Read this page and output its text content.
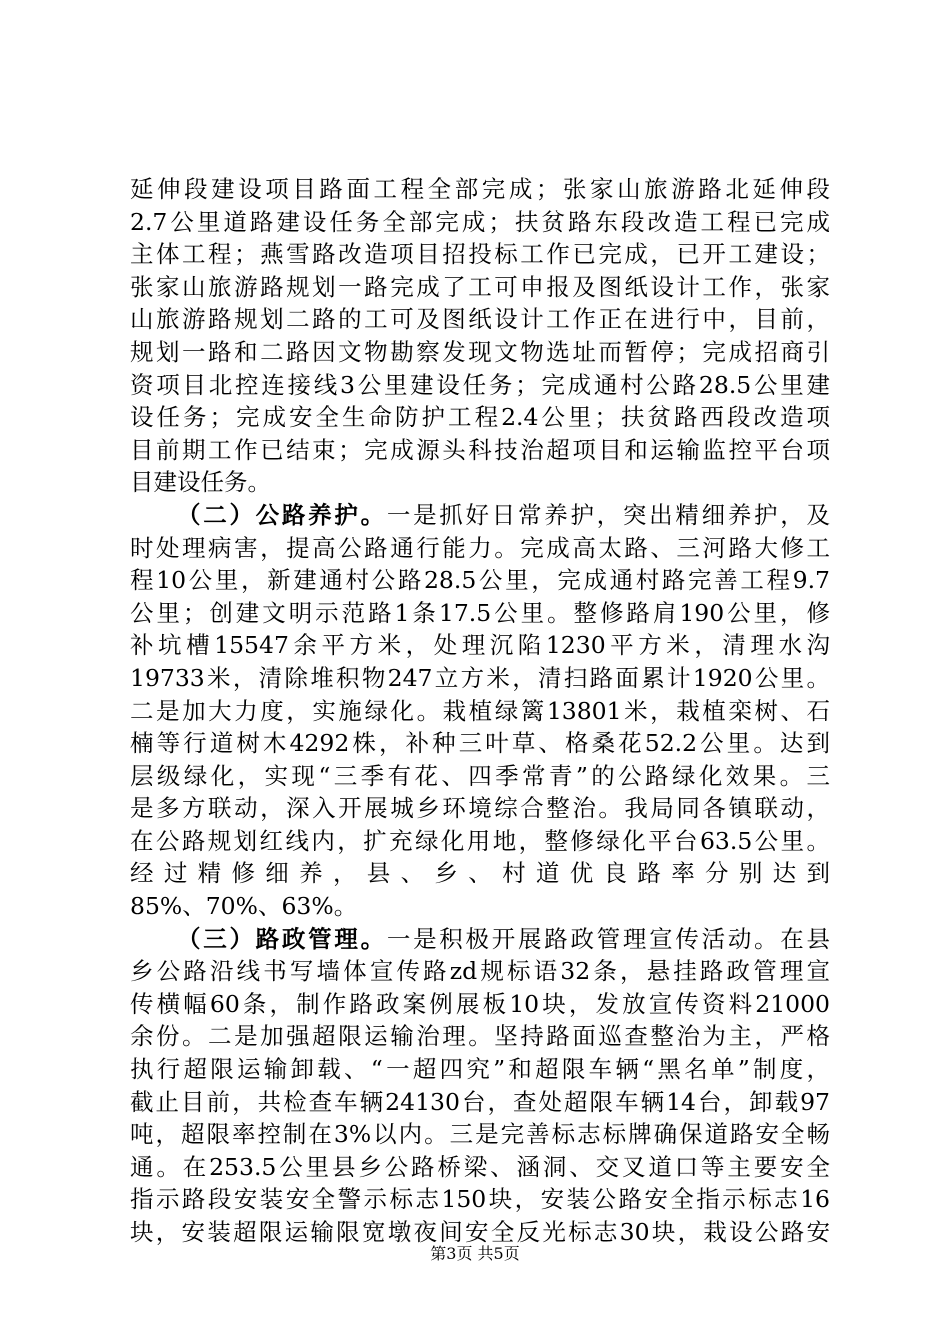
延伸段建设项目路面工程全部完成；张家山旅游路北延伸段
2.7公里道路建设任务全部完成；扶贫路东段改造工程已完成
主体工程；燕雪路改造项目招投标工作已完成，已开工建设；
张家山旅游路规划一路完成了工可申报及图纸设计工作，张家
山旅游路规划二路的工可及图纸设计工作正在进行中，目前，
规划一路和二路因文物勘察发现文物选址而暂停；完成招商引
资项目北控连接线3公里建设任务；完成通村公路28.5公里建
设任务；完成安全生命防护工程2.4公里；扶贫路西段改造项
目前期工作已结束；完成源头科技治超项目和运输监控平台项
目建设任务。
（二）公路养护。一是抓好日常养护，突出精细养护，及
时处理病害，提高公路通行能力。完成高太路、三河路大修工
程10公里，新建通村公路28.5公里，完成通村路完善工程9.7
公里；创建文明示范路1条17.5公里。整修路肩190公里，修
补坑槽15547余平方米，处理沉陷1230平方米，清理水沟
19733米，清除堆积物247立方米，清扫路面累计1920公里。
二是加大力度，实施绿化。栽植绿篱13801米，栽植栾树、石
楠等行道树木4292株，补种三叶草、格桑花52.2公里。达到
层级绿化，实现“三季有花、四季常青”的公路绿化效果。三
是多方联动，深入开展城乡环境综合整治。我局同各镇联动，
在公路规划红线内，扩充绿化用地，整修绿化平台63.5公里。
经过精修细养，县、乡、村道优良路率分别达到
85%、70%、63%。
（三）路政管理。一是积极开展路政管理宣传活动。在县
乡公路沿线书写墙体宣传路zd规标语32条，悬挂路政管理宣
传横幅60条，制作路政案例展板10块，发放宣传资料21000
余份。二是加强超限运输治理。坚持路面巡查整治为主，严格
执行超限运输卸载、“一超四究”和超限车辆“黑名单”制度，
截止目前，共检查车辆24130台，查处超限车辆14台，卸载97
吨，超限率控制在3%以内。三是完善标志标牌确保道路安全畅
通。在253.5公里县乡公路桥梁、涵洞、交叉道口等主要安全
指示路段安装安全警示标志150块，安装公路安全指示标志16
块，安装超限运输限宽墩夜间安全反光标志30块，栽设公路安
第3页 共5页
